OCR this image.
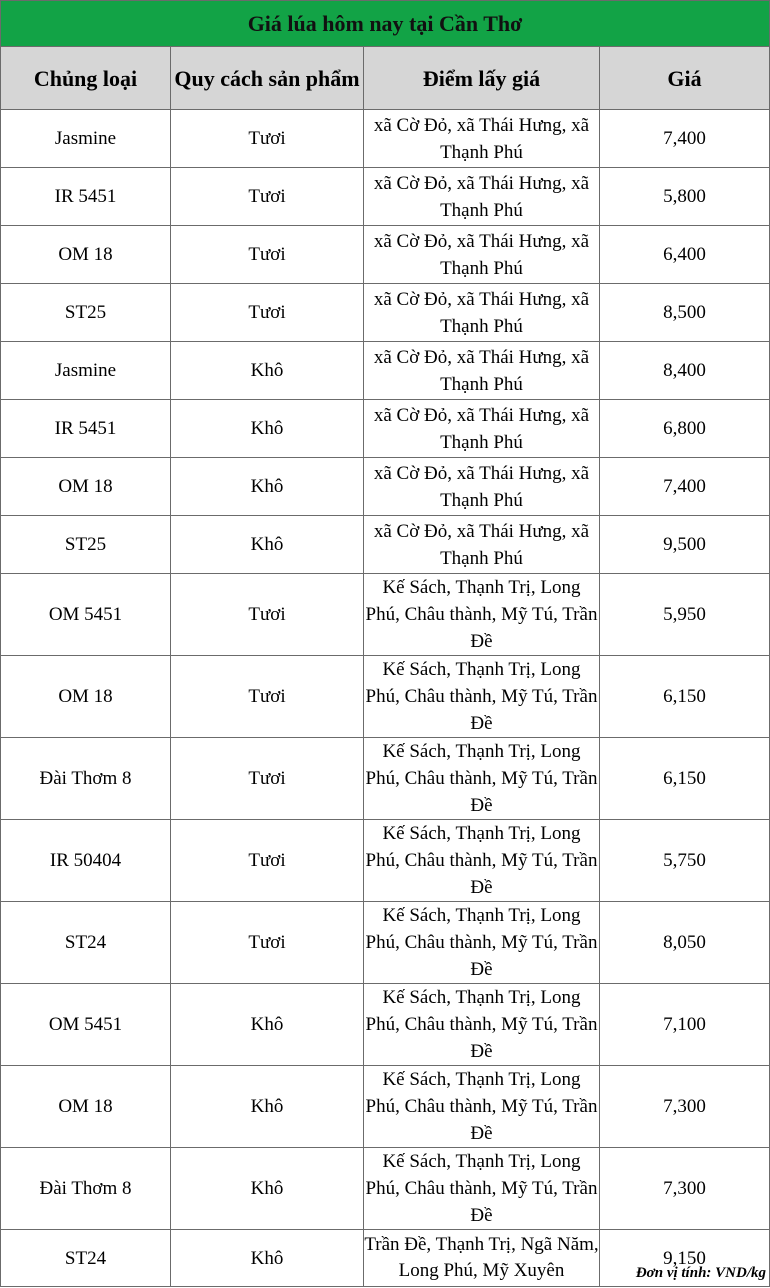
Giá lúa hôm nay tại Cần Thơ			
Chủng loại	Quy cách sản phẩm	Điểm lấy giá	Giá
Jasmine	Tươi	xã Cờ Đỏ, xã Thái Hưng, xã Thạnh Phú	7,400
IR 5451	Tươi	xã Cờ Đỏ, xã Thái Hưng, xã Thạnh Phú	5,800
OM 18	Tươi	xã Cờ Đỏ, xã Thái Hưng, xã Thạnh Phú	6,400
ST25	Tươi	xã Cờ Đỏ, xã Thái Hưng, xã Thạnh Phú	8,500
Jasmine	Khô	xã Cờ Đỏ, xã Thái Hưng, xã Thạnh Phú	8,400
IR 5451	Khô	xã Cờ Đỏ, xã Thái Hưng, xã Thạnh Phú	6,800
OM 18	Khô	xã Cờ Đỏ, xã Thái Hưng, xã Thạnh Phú	7,400
ST25	Khô	xã Cờ Đỏ, xã Thái Hưng, xã Thạnh Phú	9,500
OM 5451	Tươi	Kế Sách, Thạnh Trị, Long Phú, Châu thành, Mỹ Tú, Trần Đề	5,950
OM 18	Tươi	Kế Sách, Thạnh Trị, Long Phú, Châu thành, Mỹ Tú, Trần Đề	6,150
Đài Thơm 8	Tươi	Kế Sách, Thạnh Trị, Long Phú, Châu thành, Mỹ Tú, Trần Đề	6,150
IR 50404	Tươi	Kế Sách, Thạnh Trị, Long Phú, Châu thành, Mỹ Tú, Trần Đề	5,750
ST24	Tươi	Kế Sách, Thạnh Trị, Long Phú, Châu thành, Mỹ Tú, Trần Đề	8,050
OM 5451	Khô	Kế Sách, Thạnh Trị, Long Phú, Châu thành, Mỹ Tú, Trần Đề	7,100
OM 18	Khô	Kế Sách, Thạnh Trị, Long Phú, Châu thành, Mỹ Tú, Trần Đề	7,300
Đài Thơm 8	Khô	Kế Sách, Thạnh Trị, Long Phú, Châu thành, Mỹ Tú, Trần Đề	7,300
ST24	Khô	Trần Đề, Thạnh Trị, Ngã Năm, Long Phú, Mỹ Xuyên	9,150
Đơn vị tính: VND/kg
